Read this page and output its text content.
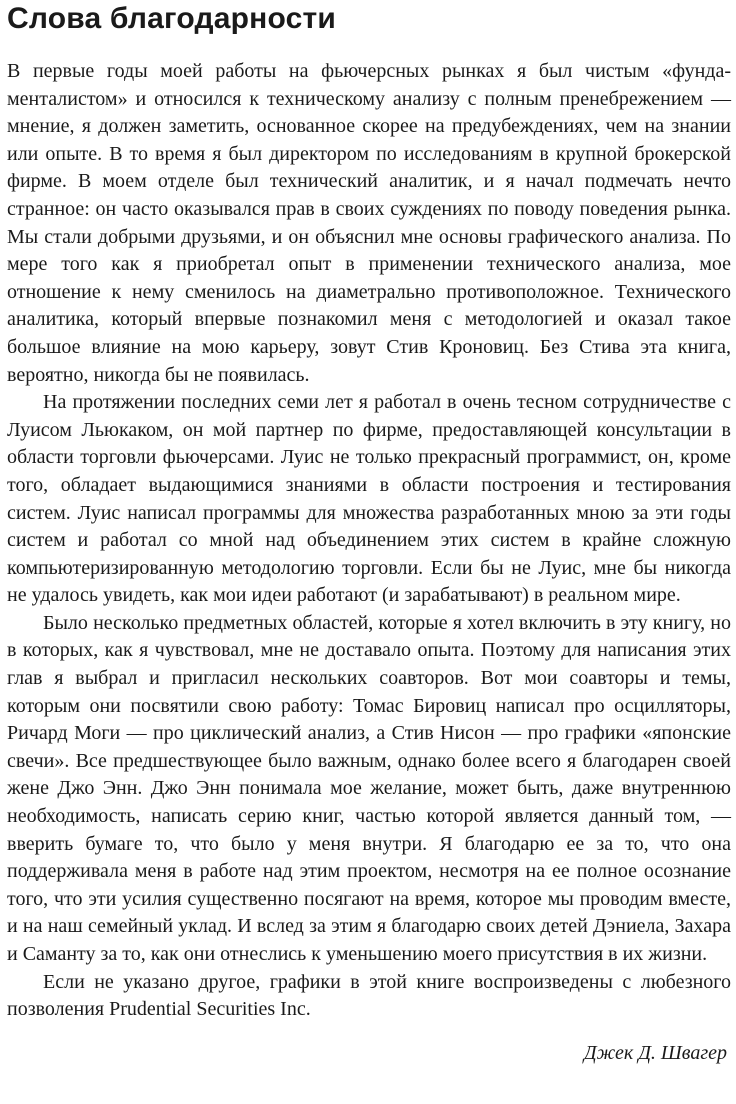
Слова благодарности

В первые годы моей работы на фьючерсных рынках я был чистым «фундаменталистом» и относился к техническому анализу с полным пренебрежением — мнение, я должен заметить, основанное скорее на предубеждениях, чем на знании или опыте. В то время я был директором по исследованиям в крупной брокерской фирме. В моем отделе был технический аналитик, и я начал подмечать нечто странное: он часто оказывался прав в своих суждениях по поводу поведения рынка. Мы стали добрыми друзьями, и он объяснил мне основы графического анализа. По мере того как я приобретал опыт в применении технического анализа, мое отношение к нему сменилось на диаметрально противоположное. Технического аналитика, который впервые познакомил меня с методологией и оказал такое большое влияние на мою карьеру, зовут Стив Кроновиц. Без Стива эта книга, вероятно, никогда бы не появилась.

На протяжении последних семи лет я работал в очень тесном сотрудничестве с Луисом Льюкаком, он мой партнер по фирме, предоставляющей консультации в области торговли фьючерсами. Луис не только прекрасный программист, он, кроме того, обладает выдающимися знаниями в области построения и тестирования систем. Луис написал программы для множества разработанных мною за эти годы систем и работал со мной над объединением этих систем в крайне сложную компьютеризированную методологию торговли. Если бы не Луис, мне бы никогда не удалось увидеть, как мои идеи работают (и зарабатывают) в реальном мире.

Было несколько предметных областей, которые я хотел включить в эту книгу, но в которых, как я чувствовал, мне не доставало опыта. Поэтому для написания этих глав я выбрал и пригласил нескольких соавторов. Вот мои соавторы и темы, которым они посвятили свою работу: Томас Бировиц написал про осцилляторы, Ричард Моги — про циклический анализ, а Стив Нисон — про графики «японские свечи». Все предшествующее было важным, однако более всего я благодарен своей жене Джо Энн. Джо Энн понимала мое желание, может быть, даже внутреннюю необходимость, написать серию книг, частью которой является данный том, — вверить бумаге то, что было у меня внутри. Я благодарю ее за то, что она поддерживала меня в работе над этим проектом, несмотря на ее полное осознание того, что эти усилия существенно посягают на время, которое мы проводим вместе, и на наш семейный уклад. И вслед за этим я благодарю своих детей Дэниела, Захара и Саманту за то, как они отнеслись к уменьшению моего присутствия в их жизни.

Если не указано другое, графики в этой книге воспроизведены с любезного позволения Prudential Securities Inc.

Джек Д. Швагер
